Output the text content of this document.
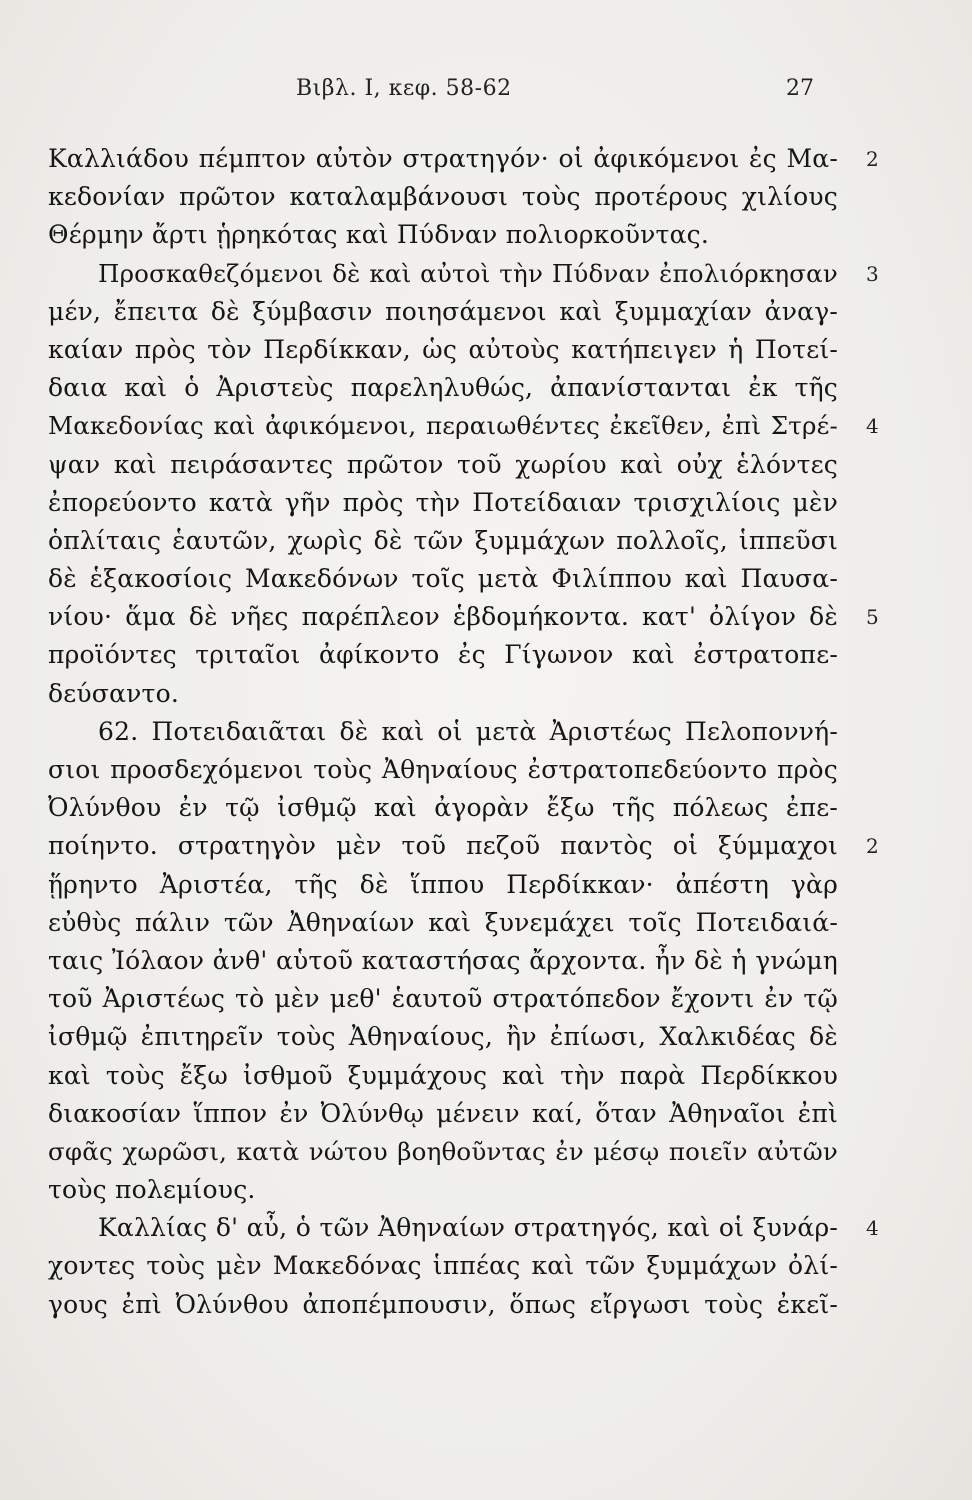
Βιβλ. Ι, κεφ. 58-62	27
Καλλιάδου πέμπτον αὐτὸν στρατηγόν· οἱ ἀφικόμενοι ἐς Μα- 2
κεδονίαν πρῶτον καταλαμβάνουσι τοὺς προτέρους χιλίους
Θέρμην ἄρτι ᾑρηκότας καὶ Πύδναν πολιορκοῦντας.
Προσκαθεζόμενοι δὲ καὶ αὐτοὶ τὴν Πύδναν ἐπολιόρκησαν 3
μέν, ἔπειτα δὲ ξύμβασιν ποιησάμενοι καὶ ξυμμαχίαν ἀναγ-
καίαν πρὸς τὸν Περδίκκαν, ὡς αὐτοὺς κατήπειγεν ἡ Ποτεί-
δαια καὶ ὁ Ἀριστεὺς παρεληλυθώς, ἀπανίστανται ἐκ τῆς
Μακεδονίας καὶ ἀφικόμενοι, περαιωθέντες ἐκεῖθεν, ἐπὶ Στρέ- 4
ψαν καὶ πειράσαντες πρῶτον τοῦ χωρίου καὶ οὐχ ἑλόντες
ἐπορεύοντο κατὰ γῆν πρὸς τὴν Ποτείδαιαν τρισχιλίοις μὲν
ὁπλίταις ἑαυτῶν, χωρὶς δὲ τῶν ξυμμάχων πολλοῖς, ἱππεῦσι
δὲ ἑξακοσίοις Μακεδόνων τοῖς μετὰ Φιλίππου καὶ Παυσα-
νίου· ἅμα δὲ νῆες παρέπλεον ἑβδομήκοντα. κατ' ὀλίγον δὲ 5
προϊόντες τριταῖοι ἀφίκοντο ἐς Γίγωνον καὶ ἐστρατοπε-
δεύσαντο.
62. Ποτειδαιᾶται δὲ καὶ οἱ μετὰ Ἀριστέως Πελοποννή-
σιοι προσδεχόμενοι τοὺς Ἀθηναίους ἐστρατοπεδεύοντο πρὸς
Ὀλύνθου ἐν τῷ ἰσθμῷ καὶ ἀγορὰν ἔξω τῆς πόλεως ἐπε-
ποίηντο. στρατηγὸν μὲν τοῦ πεζοῦ παντὸς οἱ ξύμμαχοι 2
ᾕρηντο Ἀριστέα, τῆς δὲ ἵππου Περδίκκαν· ἀπέστη γὰρ
εὐθὺς πάλιν τῶν Ἀθηναίων καὶ ξυνεμάχει τοῖς Ποτειδαιά-
ταις Ἰόλαον ἀνθ' αὑτοῦ καταστήσας ἄρχοντα. ἦν δὲ ἡ γνώμη
τοῦ Ἀριστέως τὸ μὲν μεθ' ἑαυτοῦ στρατόπεδον ἔχοντι ἐν τῷ
ἰσθμῷ ἐπιτηρεῖν τοὺς Ἀθηναίους, ἢν ἐπίωσι, Χαλκιδέας δὲ
καὶ τοὺς ἔξω ἰσθμοῦ ξυμμάχους καὶ τὴν παρὰ Περδίκκου
διακοσίαν ἵππον ἐν Ὀλύνθῳ μένειν καί, ὅταν Ἀθηναῖοι ἐπὶ
σφᾶς χωρῶσι, κατὰ νώτου βοηθοῦντας ἐν μέσῳ ποιεῖν αὐτῶν
τοὺς πολεμίους.
Καλλίας δ' αὖ, ὁ τῶν Ἀθηναίων στρατηγός, καὶ οἱ ξυνάρ- 4
χοντες τοὺς μὲν Μακεδόνας ἱππέας καὶ τῶν ξυμμάχων ὀλί-
γους ἐπὶ Ὀλύνθου ἀποπέμπουσιν, ὅπως εἴργωσι τοὺς ἐκεῖ-
